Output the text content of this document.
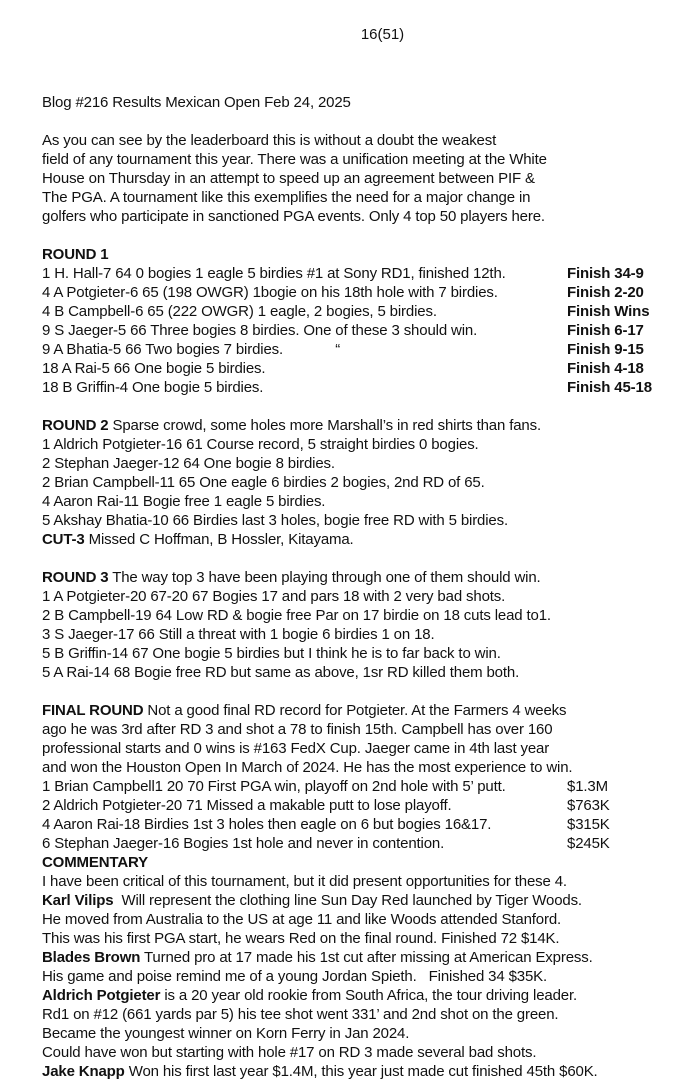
16(51)
Blog #216 Results Mexican Open Feb 24, 2025
As you can see by the leaderboard this is without a doubt the weakest
field of any tournament this year. There was a unification meeting at the White
House on Thursday in an attempt to speed up an agreement between PIF &
The PGA. A tournament like this exemplifies the need for a major change in
golfers who participate in sanctioned PGA events. Only 4 top 50 players here.
ROUND 1
1 H. Hall-7 64 0 bogies 1 eagle 5 birdies #1 at Sony RD1, finished 12th.	Finish 34-9
4 A Potgieter-6 65 (198 OWGR) 1bogie on his 18th hole with 7 birdies.	Finish 2-20
4 B Campbell-6 65 (222 OWGR) 1 eagle, 2 bogies, 5 birdies.	Finish Wins
9 S Jaeger-5 66 Three bogies 8 birdies. One of these 3 should win.	Finish 6-17
9 A Bhatia-5 66 Two bogies 7 birdies.             “	Finish 9-15
18 A Rai-5 66 One bogie 5 birdies.	Finish 4-18
18 B Griffin-4 One bogie 5 birdies.	Finish 45-18
ROUND 2 Sparse crowd, some holes more Marshall’s in red shirts than fans.
1 Aldrich Potgieter-16 61 Course record, 5 straight birdies 0 bogies.
2 Stephan Jaeger-12 64 One bogie 8 birdies.
2 Brian Campbell-11 65 One eagle 6 birdies 2 bogies, 2nd RD of 65.
4 Aaron Rai-11 Bogie free 1 eagle 5 birdies.
5 Akshay Bhatia-10 66 Birdies last 3 holes, bogie free RD with 5 birdies.
CUT-3 Missed C Hoffman, B Hossler, Kitayama.
ROUND 3 The way top 3 have been playing through one of them should win.
1 A Potgieter-20 67-20 67 Bogies 17 and pars 18 with 2 very bad shots.
2 B Campbell-19 64 Low RD & bogie free Par on 17 birdie on 18 cuts lead to1.
3 S Jaeger-17 66 Still a threat with 1 bogie 6 birdies 1 on 18.
5 B Griffin-14 67 One bogie 5 birdies but I think he is to far back to win.
5 A Rai-14 68 Bogie free RD but same as above, 1sr RD killed them both.
FINAL ROUND Not a good final RD record for Potgieter. At the Farmers 4 weeks
ago he was 3rd after RD 3 and shot a 78 to finish 15th. Campbell has over 160
professional starts and 0 wins is #163 FedX Cup. Jaeger came in 4th last year
and won the Houston Open In March of 2024. He has the most experience to win.
1 Brian Campbell1 20 70 First PGA win, playoff on 2nd hole with 5’ putt.	$1.3M
2 Aldrich Potgieter-20 71 Missed a makable putt to lose playoff.	$763K
4 Aaron Rai-18 Birdies 1st 3 holes then eagle on 6 but bogies 16&17.	$315K
6 Stephan Jaeger-16 Bogies 1st hole and never in contention.	$245K
COMMENTARY
I have been critical of this tournament, but it did present opportunities for these 4.
Karl Vilips  Will represent the clothing line Sun Day Red launched by Tiger Woods.
He moved from Australia to the US at age 11 and like Woods attended Stanford.
This was his first PGA start, he wears Red on the final round. Finished 72 $14K.
Blades Brown Turned pro at 17 made his 1st cut after missing at American Express.
His game and poise remind me of a young Jordan Spieth.   Finished 34 $35K.
Aldrich Potgieter is a 20 year old rookie from South Africa, the tour driving leader.
Rd1 on #12 (661 yards par 5) his tee shot went 331’ and 2nd shot on the green.
Became the youngest winner on Korn Ferry in Jan 2024.
Could have won but starting with hole #17 on RD 3 made several bad shots.
Jake Knapp Won his first last year $1.4M, this year just made cut finished 45th $60K.
